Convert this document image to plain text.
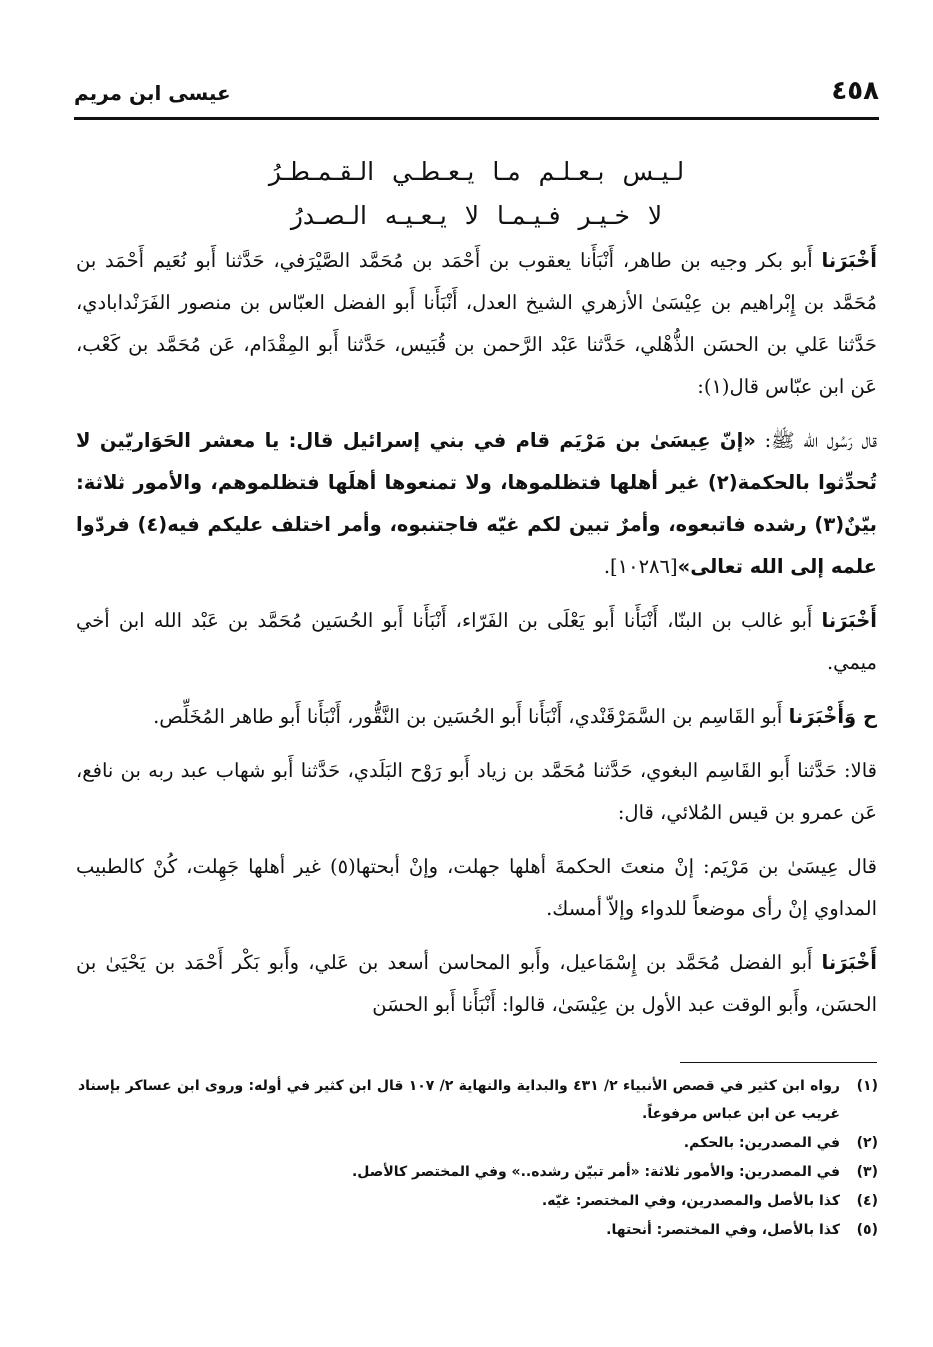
٤٥٨
عيسى ابن مريم
لـيـس بـعـلـم مـا يـعـطـي الـقـمـطـرُ
لا خـيـر فـيـمـا لا يـعـيـه الـصـدرُ

أَخْبَرَنا أَبو بكر وجيه بن طاهر، أَنْبَأَنا يعقوب بن أَحْمَد بن مُحَمَّد الصَّيْرَفي، حَدَّثنا أَبو نُعَيم أَحْمَد بن مُحَمَّد بن إِبْراهيم بن عِيْسَىٰ الأزهري الشيخ العدل، أَنْبَأَنا أَبو الفضل العبّاس بن منصور الفَرَنْدابادي، حَدَّثنا عَلي بن الحسَن الذُّهْلي، حَدَّثنا عَبْد الرَّحمن بن قُبَيس، حَدَّثنا أَبو المِقْدَام، عَن مُحَمَّد بن كَعْب، عَن ابن عبّاس قال(١):

قال رَسُول الله ﷺ: «إنّ عِيسَىٰ بن مَرْيَم قام في بني إسرائيل قال: يا معشر الحَوَاريّين لا تُحدِّثوا بالحكمة(٢) غير أهلها فتظلموها، ولا تمنعوها أهلَها فتظلموهم، والأمور ثلاثة: بيّنٌ(٣) رشده فاتبعوه، وأمرٌ تبين لكم غيّه فاجتنبوه، وأمر اختلف عليكم فيه(٤) فردّوا علمه إلى الله تعالى»[١٠٢٨٦].

أَخْبَرَنا أَبو غالب بن البنّا، أَنْبَأَنا أَبو يَعْلَى بن الفَرّاء، أَنْبَأَنا أَبو الحُسَين مُحَمَّد بن عَبْد الله ابن أخي ميمي.

ح وَأَخْبَرَنا أَبو القَاسِم بن السَّمَرْقَنْدي، أَنْبَأَنا أَبو الحُسَين بن النَّقُّور، أَنْبَأَنا أَبو طاهر المُخَلِّص.

قالا: حَدَّثنا أَبو القَاسِم البغوي، حَدَّثنا مُحَمَّد بن زياد أَبو رَوْح البَلَدي، حَدَّثنا أَبو شهاب عبد ربه بن نافع، عَن عمرو بن قيس المُلائي، قال:

قال عِيسَىٰ بن مَرْيَم: إنْ منعتَ الحكمةَ أهلها جهلت، وإنْ أبحتها(٥) غير أهلها جَهِلت، كُنْ كالطبيب المداوي إنْ رأى موضعاً للدواء وإلاّ أمسك.

أَخْبَرَنا أَبو الفضل مُحَمَّد بن إِسْمَاعيل، وأَبو المحاسن أسعد بن عَلي، وأَبو بَكْر أَحْمَد بن يَحْيَىٰ بن الحسَن، وأَبو الوقت عبد الأول بن عِيْسَىٰ، قالوا: أَنْبَأَنا أَبو الحسَن

(١)
رواه ابن كثير في قصص الأنبياء ٢/ ٤٣١ والبداية والنهاية ٢/ ١٠٧ قال ابن كثير في أوله: وروى ابن عساكر بإسناد غريب عن ابن عباس مرفوعاً.
(٢)
في المصدرين: بالحكم.
(٣)
في المصدرين: والأمور ثلاثة: «أمر تبيّن رشده..» وفي المختصر كالأصل.
(٤)
كذا بالأصل والمصدرين، وفي المختصر: غيّه.
(٥)
كذا بالأصل، وفي المختصر: أنحتها.
